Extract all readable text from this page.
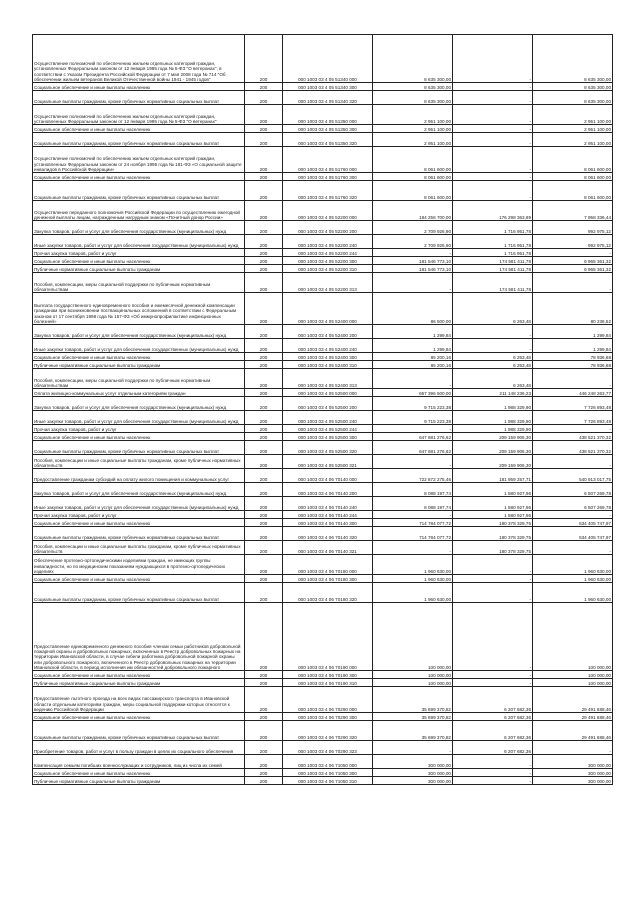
Осуществление полномочий по обеспечению жильем отдельных категорий граждан, установленных Федеральным законом от 12 января 1995 года № 5-ФЗ "О ветеранах", в соответствии с Указом Президента Российской Федерации от 7 мая 2008 года № 714 "Об обеспечении жильем ветеранов Великой Отечественной войны 1941 - 1945 годов"	200	000 1003 03 4 05 51340 000	8 635 300,00	-	8 635 300,00
Социальное обеспечение и иные выплаты населению	200	000 1003 03 4 05 51340 300	8 635 300,00	-	8 635 300,00
Социальные выплаты гражданам, кроме публичных нормативных социальных выплат	200	000 1003 03 4 05 51340 320	8 635 300,00	-	8 635 300,00
Осуществление полномочий по обеспечению жильем отдельных категорий граждан, установленных Федеральным законом от 12 января 1995 года № 5-ФЗ "О ветеранах"	200	000 1003 03 4 05 51350 000	2 951 100,00	-	2 951 100,00
Социальное обеспечение и иные выплаты населению	200	000 1003 03 4 05 51350 300	2 951 100,00	-	2 951 100,00
Социальные выплаты гражданам, кроме публичных нормативных социальных выплат	200	000 1003 03 4 05 51350 320	2 951 100,00	-	2 951 100,00
Осуществление полномочий по обеспечению жильем отдельных категорий граждан, установленных Федеральным законом от 24 ноября 1995 года № 181-ФЗ «О социальной защите инвалидов в Российской Федерации»	200	000 1003 03 4 05 51760 000	8 061 600,00	-	8 061 600,00
Социальное обеспечение и иные выплаты населению	200	000 1003 03 4 05 51760 300	8 061 600,00	-	8 061 600,00
Социальные выплаты гражданам, кроме публичных нормативных социальных выплат	200	000 1003 03 4 05 51760 320	8 061 600,00	-	8 061 600,00
Осуществление переданного полномочия Российской Федерации по осуществлению ежегодной денежной выплаты лицам, награжденным нагрудным знаком «Почетный донор России»	200	000 1003 03 4 05 52200 000	184 256 700,00	176 298 363,89	7 958 336,44
Закупка товаров, работ и услуг для обеспечения государственных (муниципальных) нужд	200	000 1003 03 4 05 52200 200	2 709 926,90	1 716 951,78	992 975,12
Иные закупки товаров, работ и услуг для обеспечения государственных (муниципальных) нужд	200	000 1003 03 4 05 52200 240	2 709 926,90	1 716 951,78	992 975,12
Прочая закупка товаров, работ и услуг	200	000 1003 03 4 05 52200 244	-	1 716 951,78	-
Социальное обеспечение и иные выплаты населению	200	000 1003 03 4 05 52200 300	181 546 773,10	174 581 411,78	6 965 361,32
Публичные нормативные социальные выплаты гражданам	200	000 1003 03 4 05 52200 310	181 546 773,10	174 581 411,78	6 965 361,32
Пособия, компенсации, меры социальной поддержки по публичным нормативным обязательствам	200	000 1003 03 4 05 52200 313	-	174 581 411,78	-
Выплата государственного единовременного пособия и ежемесячной денежной компенсации гражданам при возникновении поствакцинальных осложнений в соответствии с Федеральным законом от 17 сентября 1998 года № 157-ФЗ «Об иммунопрофилактике инфекционных болезней»	200	000 1003 03 4 05 52400 000	86 500,00	6 263,48	80 236,52
Закупка товаров, работ и услуг для обеспечения государственных (муниципальных) нужд	200	000 1003 03 4 05 52400 200	1 299,84	-	1 299,84
Иные закупки товаров, работ и услуг для обеспечения государственных (муниципальных) нужд	200	000 1003 03 4 05 52400 240	1 299,84	-	1 299,84
Социальное обеспечение и иные выплаты населению	200	000 1003 03 4 05 52400 300	85 200,16	6 263,48	78 936,68
Публичные нормативные социальные выплаты гражданам	200	000 1003 03 4 05 52400 310	85 200,16	6 263,48	78 936,68
Пособия, компенсации, меры социальной поддержки по публичным нормативным обязательствам	200	000 1003 03 4 05 52400 313	-	6 263,48	-
Оплата жилищно-коммунальных услуг отдельным категориям граждан	200	000 1003 03 4 05 52500 000	657 396 500,00	211 148 236,23	446 248 263,77
Закупка товаров, работ и услуг для обеспечения государственных (муниципальных) нужд	200	000 1003 03 4 05 52500 200	9 715 223,38	1 988 329,90	7 726 893,48
Иные закупки товаров, работ и услуг для обеспечения государственных (муниципальных) нужд	200	000 1003 03 4 05 52500 240	9 715 223,38	1 988 329,90	7 726 893,48
Прочая закупка товаров, работ и услуг	200	000 1003 03 4 05 52500 244	-	1 988 329,90	-
Социальное обеспечение и иные выплаты населению	200	000 1003 03 4 05 52500 300	647 681 276,62	209 159 906,30	438 521 370,32
Социальные выплаты гражданам, кроме публичных нормативных социальных выплат	200	000 1003 03 4 05 52500 320	647 681 276,62	209 159 906,30	438 521 370,32
Пособия, компенсации и иные социальные выплаты гражданам, кроме публичных нормативных обязательств	200	000 1003 03 4 05 52500 321	-	209 159 906,30	-
Предоставление гражданам субсидий на оплату жилого помещения и коммунальных услуг	200	000 1003 03 4 06 70140 000	722 872 275,46	181 959 257,71	540 913 017,75
Закупка товаров, работ и услуг для обеспечения государственных (муниципальных) нужд	200	000 1003 03 4 06 70140 200	8 088 197,74	1 580 927,96	6 507 269,78
Иные закупки товаров, работ и услуг для обеспечения государственных (муниципальных) нужд	200	000 1003 03 4 06 70140 240	8 088 197,74	1 580 927,96	6 507 269,78
Прочая закупка товаров, работ и услуг	200	000 1003 03 4 06 70140 244	-	1 580 927,96	-
Социальное обеспечение и иные выплаты населению	200	000 1003 03 4 06 70140 300	714 784 077,72	180 378 329,75	534 405 747,97
Социальные выплаты гражданам, кроме публичных нормативных социальных выплат	200	000 1003 03 4 06 70140 320	714 784 077,72	180 378 329,75	534 405 747,97
Пособия, компенсации и иные социальные выплаты гражданам, кроме публичных нормативных обязательств	200	000 1003 03 4 06 70140 321	-	180 378 329,75	-
Обеспечение протезно-ортопедическими изделиями граждан, не имеющих группы инвалидности, но по медицинским показаниям нуждающихся в протезно-ортопедических изделиях	200	000 1003 03 4 06 70180 000	1 960 630,00	-	1 960 630,00
Социальное обеспечение и иные выплаты населению	200	000 1003 03 4 06 70180 300	1 960 630,00	-	1 960 630,00
Социальные выплаты гражданам, кроме публичных нормативных социальных выплат	200	000 1003 03 4 06 70180 320	1 960 630,00	-	1 960 630,00
Предоставление единовременного денежного пособия членам семьи работников добровольной пожарной охраны и добровольных пожарных, включенных в Реестр добровольных пожарных на территории Ивановской области, в случае гибели работника добровольной пожарной охраны или добровольного пожарного, включенного в Реестр добровольных пожарных на территории Ивановской области, в период исполнения им обязанностей добровольного пожарного	200	000 1003 03 4 06 70190 000	100 000,00	-	100 000,00
Социальное обеспечение и иные выплаты населению	200	000 1003 03 4 06 70190 300	100 000,00	-	100 000,00
Публичные нормативные социальные выплаты гражданам	200	000 1003 03 4 06 70190 310	100 000,00	-	100 000,00
Предоставление льготного проезда на всех видах пассажирского транспорта в Ивановской области отдельным категориям граждан, меры социальной поддержки которых относятся к ведению Российской Федерации	200	000 1003 03 4 06 70290 000	35 699 370,82	6 207 682,36	29 491 688,46
Социальное обеспечение и иные выплаты населению	200	000 1003 03 4 06 70290 300	35 699 370,82	6 207 682,36	29 491 688,46
Социальные выплаты гражданам, кроме публичных нормативных социальных выплат	200	000 1003 03 4 06 70290 320	35 699 370,82	6 207 682,36	29 491 688,46
Приобретение товаров, работ и услуг в пользу граждан в целях их социального обеспечения	200	000 1003 03 4 06 70290 323	-	6 207 682,36	-
Компенсация семьям погибших военнослужащих и сотрудников, лиц из числа их семей	200	000 1003 03 4 06 71050 000	300 000,00	-	300 000,00
Социальное обеспечение и иные выплаты населению	200	000 1003 03 4 06 71050 300	300 000,00	-	300 000,00
Публичные нормативные социальные выплаты гражданам	200	000 1003 03 4 06 71050 310	300 000,00	-	300 000,00
